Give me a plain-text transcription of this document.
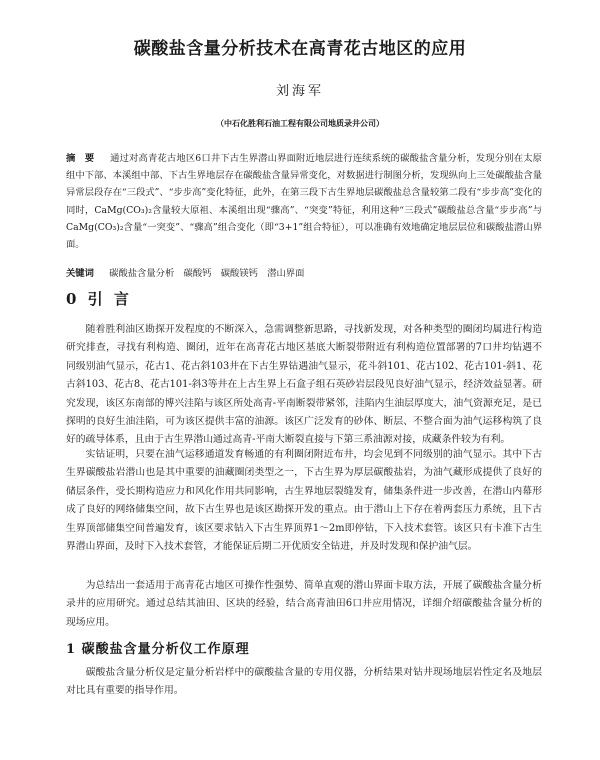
碳酸盐含量分析技术在高青花古地区的应用
刘海军
（中石化胜利石油工程有限公司地质录井公司）
摘　要 　 通过对高青花古地区6口井下古生界潜山界面附近地层进行连续系统的碳酸盐含量分析，发现分别在太原组中下部、本溪组中部、下古生界地层存在碳酸盐含量异常变化，对数据进行制图分析，发现纵向上三处碳酸盐含量异常层段存在“三段式”、“步步高”变化特征，此外，在第三段下古生界地层碳酸盐总含量较第二段有“步步高”变化的同时，CaMg(CO₃)₂含量较大原祖、本溪组出现“骤高”、“突变”特征，利用这种“三段式”碳酸盐总含量“步步高”与CaMg(CO₃)₂含量“一突变”、“骤高”组合变化（即“3+1”组合特征），可以准确有效地确定地层层位和碳酸盐潜山界面。
关键词 　 碳酸盐含量分析　碳酸钙　碳酸镁钙　潜山界面
0 引 言

随着胜利油区勘探开发程度的不断深入，急需调整新思路，寻找新发现，对各种类型的圈闭均属进行构造研究排查，寻找有利构造、圈闭，近年在高青花古地区基底大断裂带附近有利构造位置部署的7口井均钻遇不同级别油气显示，花古1、花古斜103井在下古生界钻遇油气显示，花斗斜101、花古102、花古101-斜1、花古斜103、花古8、花古101-斜3等井在上古生界上石盒子组石英砂岩层段见良好油气显示，经济效益显著。研究发现，该区东南部的博兴洼陷与该区所处高青-平南断裂带紧邻，洼陷内生油层厚度大，油气资源充足，是已探明的良好生油洼陷，可为该区提供丰富的油源。该区广泛发育的砂体、断层、不整合面为油气运移构筑了良好的疏导体系，且由于古生界潜山通过高青-平南大断裂直接与下第三系油源对接，成藏条件较为有利。

实钻证明，只要在油气运移通道发育畅通的有利圈闭附近布井，均会见到不同级别的油气显示。其中下古生界碳酸盐岩潜山也是其中重要的油藏圈闭类型之一，下古生界为厚层碳酸盐岩，为油气藏形成提供了良好的储层条件，受长期构造应力和风化作用共同影响，古生界地层裂缝发育，储集条件进一步改善，在潜山内幕形成了良好的网络储集空间，故下古生界也是该区勘探开发的重点。由于潜山上下存在着两套压力系统，且下古生界顶部储集空间普遍发育，该区要求钻入下古生界顶界1～2m即停钻，下入技术套管。该区只有卡准下古生界潜山界面，及时下入技术套管，才能保证后期二开优质安全钻进，并及时发现和保护油气层。

为总结出一套适用于高青花古地区可操作性强势、简单直观的潜山界面卡取方法，开展了碳酸盐含量分析录井的应用研究。通过总结其油田、区块的经验，结合高青油田6口井应用情况，详细介绍碳酸盐含量分析的现场应用。

1 碳酸盐含量分析仪工作原理

碳酸盐含量分析仪是定量分析岩样中的碳酸盐含量的专用仪器，分析结果对钻井现场地层岩性定名及地层对比具有重要的指导作用。
